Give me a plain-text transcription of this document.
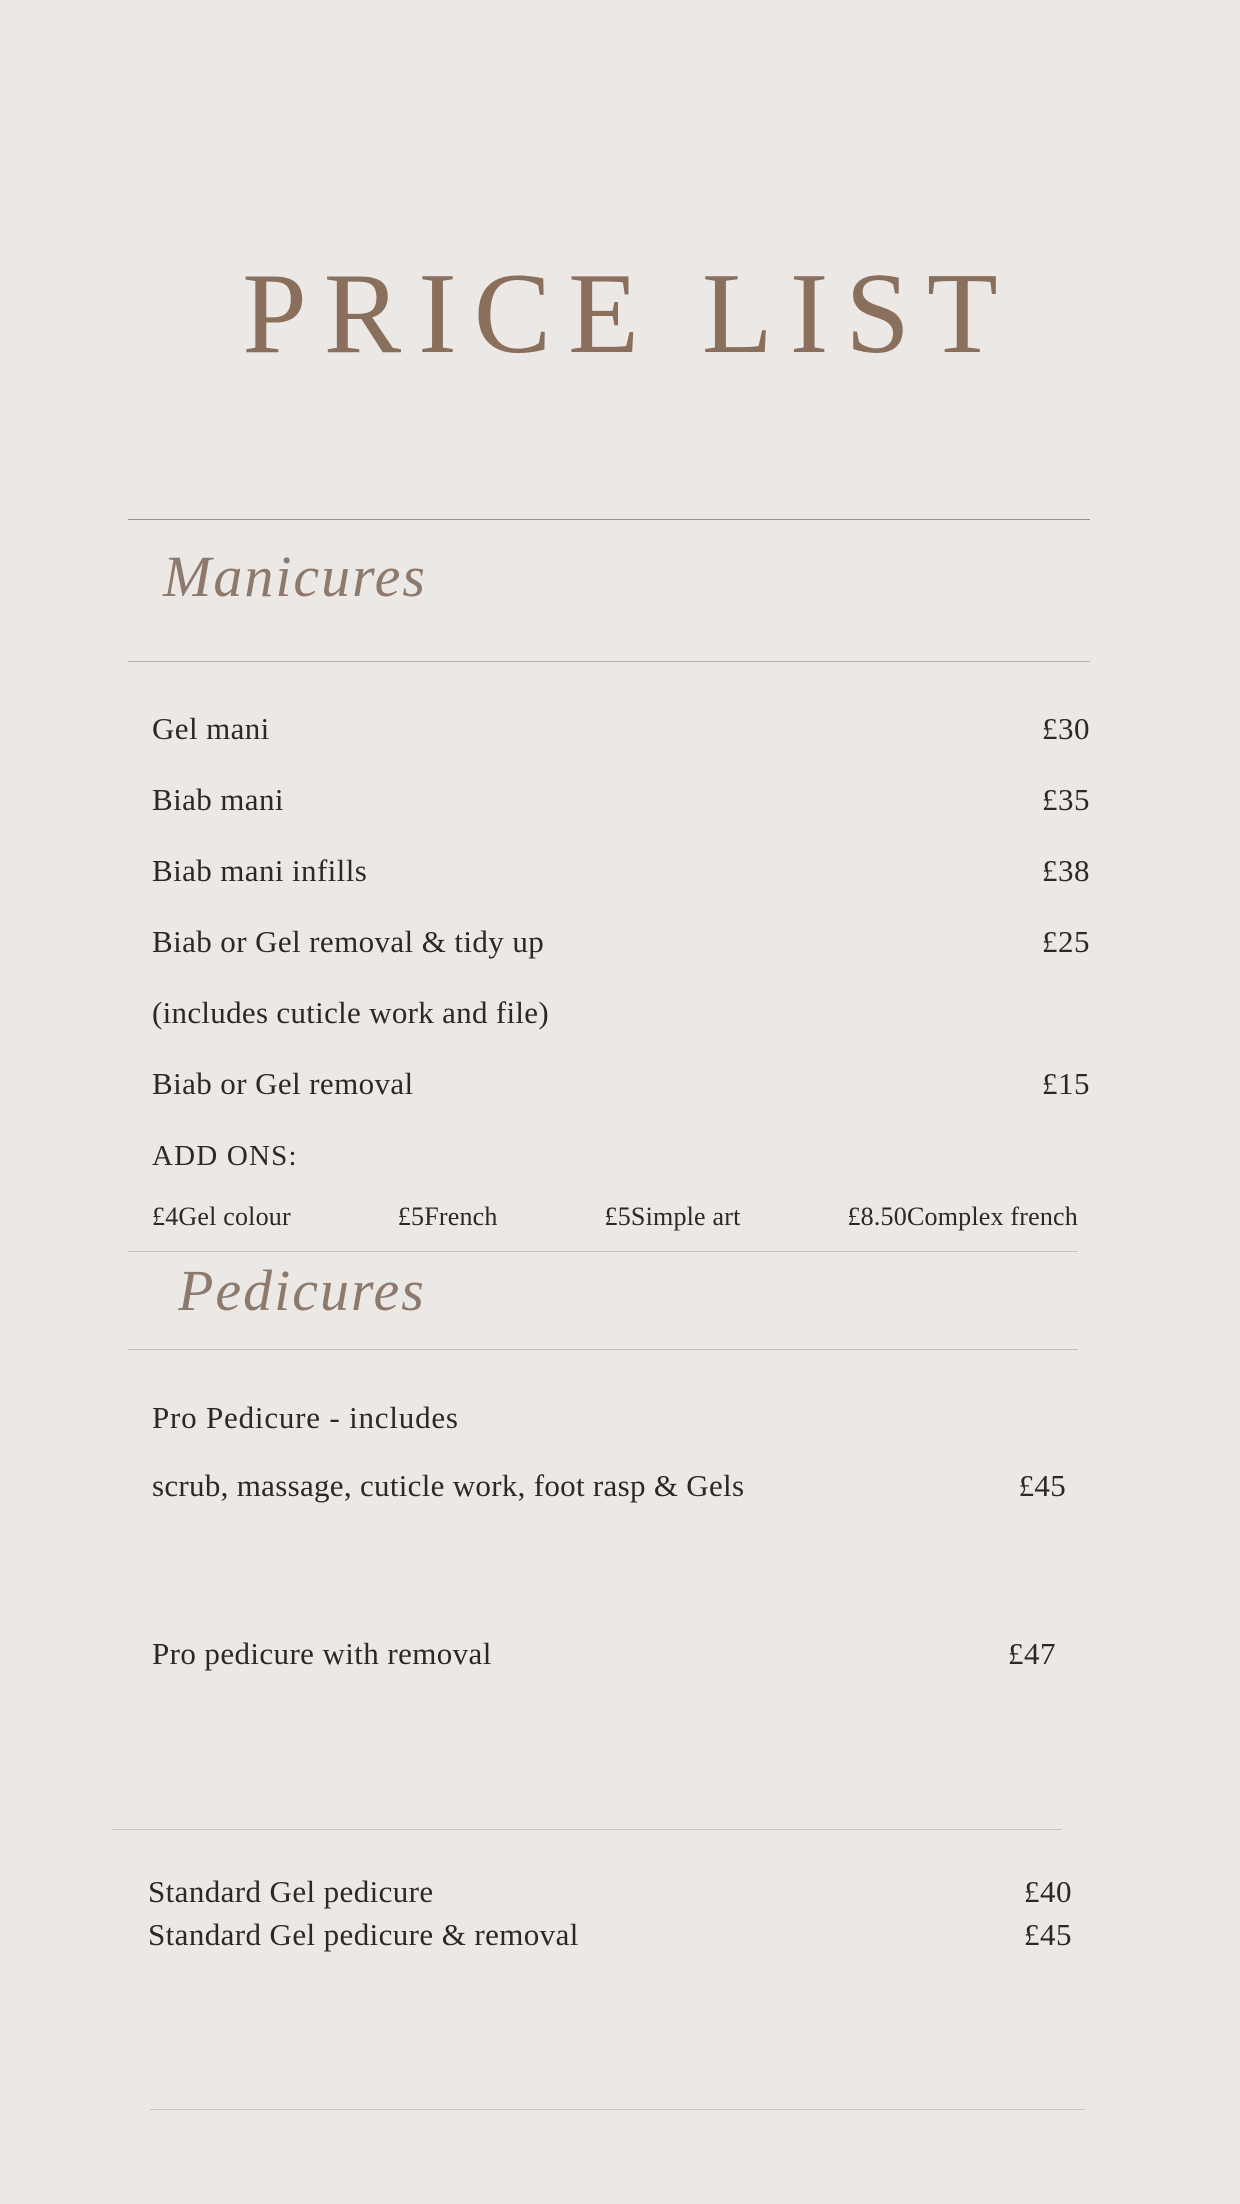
PRICE LIST
Manicures
Gel mani	£30
Biab mani	£35
Biab mani infills	£38
Biab or Gel removal & tidy up	£25
(includes cuticle work and file)
Biab or Gel removal	£15
ADD ONS:
£4Gel colour	£5French	£5Simple art	£8.50Complex french
Pedicures
Pro Pedicure - includes
scrub, massage, cuticle work, foot rasp & Gels	£45
Pro pedicure with removal	£47
Standard Gel pedicure	£40
Standard Gel pedicure & removal	£45
